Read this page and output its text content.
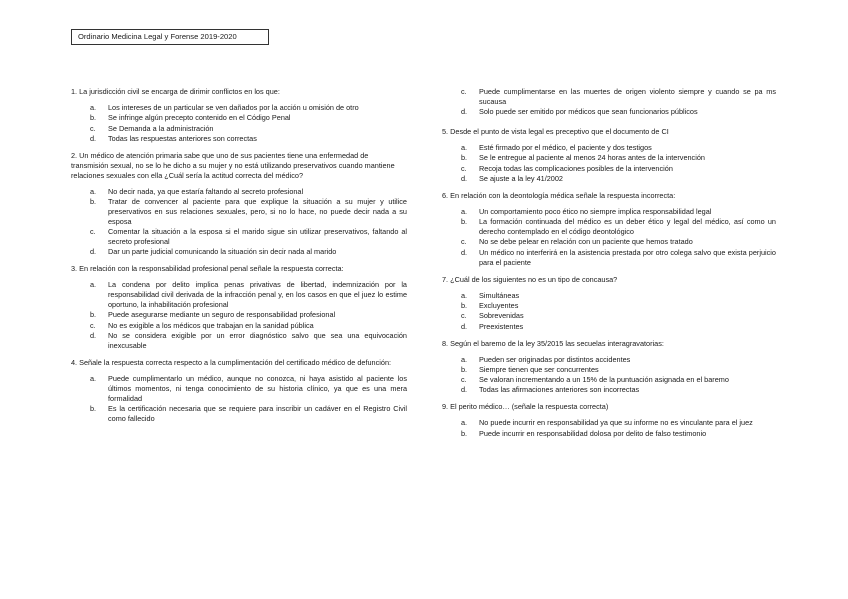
Ordinario Medicina Legal y Forense 2019-2020
1. La jurisdicción civil se encarga de dirimir conflictos en los que:
a.	Los intereses de un particular se ven dañados por la acción u omisión de otro
b.	Se infringe algún precepto contenido en el Código Penal
c.	Se Demanda a la administración
d.	Todas las respuestas anteriores son correctas
2. Un médico de atención primaria sabe que uno de sus pacientes tiene una enfermedad de transmisión sexual, no se lo he dicho a su mujer y no está utilizando preservativos cuando mantiene relaciones sexuales con ella ¿Cuál sería la actitud correcta del médico?
a.	No decir nada, ya que estaría faltando al secreto profesional
b.	Tratar de convencer al paciente para que explique la situación a su mujer y utilice preservativos en sus relaciones sexuales, pero, si no lo hace, no puede decir nada a su esposa
c.	Comentar la situación a la esposa si el marido sigue sin utilizar preservativos, faltando al secreto profesional
d.	Dar un parte judicial comunicando la situación sin decir nada al marido
3. En relación con la responsabilidad profesional penal señale la respuesta correcta:
a.	La condena por delito implica penas privativas de libertad, indemnización por la responsabilidad civil derivada de la infracción penal y, en los casos en que el juez lo estime oportuno, la inhabilitación profesional
b.	Puede asegurarse mediante un seguro de responsabilidad profesional
c.	No es exigible a los médicos que trabajan en la sanidad pública
d.	No se considera exigible por un error diagnóstico salvo que sea una equivocación inexcusable
4. Señale la respuesta correcta respecto a la cumplimentación del certificado médico de defunción:
a.	Puede cumplimentarlo un médico, aunque no conozca, ni haya asistido al paciente los últimos momentos, ni tenga conocimiento de su historia clínico, ya que es una mera formalidad
b.	Es la certificación necesaria que se requiere para inscribir un cadáver en el Registro Civil como fallecido
c.	Puede cumplimentarse en las muertes de origen violento siempre y cuando se pa ms sucausa
d.	Solo puede ser emitido por médicos que sean funcionarios públicos
5. Desde el punto de vista legal es preceptivo que el documento de CI
a.	Esté firmado por el médico, el paciente y dos testigos
b.	Se le entregue al paciente al menos 24 horas antes de la intervención
c.	Recoja todas las complicaciones posibles de la intervención
d.	Se ajuste a la ley 41/2002
6. En relación con la deontología médica señale la respuesta incorrecta:
a.	Un comportamiento poco ético no siempre implica responsabilidad legal
b.	La formación continuada del médico es un deber ético y legal del médico, así como un derecho contemplado en el código deontológico
c.	No se debe pelear en relación con un paciente que hemos tratado
d.	Un médico no interferirá en la asistencia prestada por otro colega salvo que exista perjuicio para el paciente
7. ¿Cuál de los siguientes no es un tipo de concausa?
a.	Simultáneas
b.	Excluyentes
c.	Sobrevenidas
d.	Preexistentes
8. Según el baremo de la ley 35/2015 las secuelas interagravatorias:
a.	Pueden ser originadas por distintos accidentes
b.	Siempre tienen que ser concurrentes
c.	Se valoran incrementando a un 15% de la puntuación asignada en el baremo
d.	Todas las afirmaciones anteriores son incorrectas
9. El perito médico… (señale la respuesta correcta)
a.	No puede incurrir en responsabilidad ya que su informe no es vinculante para el juez
b.	Puede incurrir en responsabilidad dolosa por delito de falso testimonio
